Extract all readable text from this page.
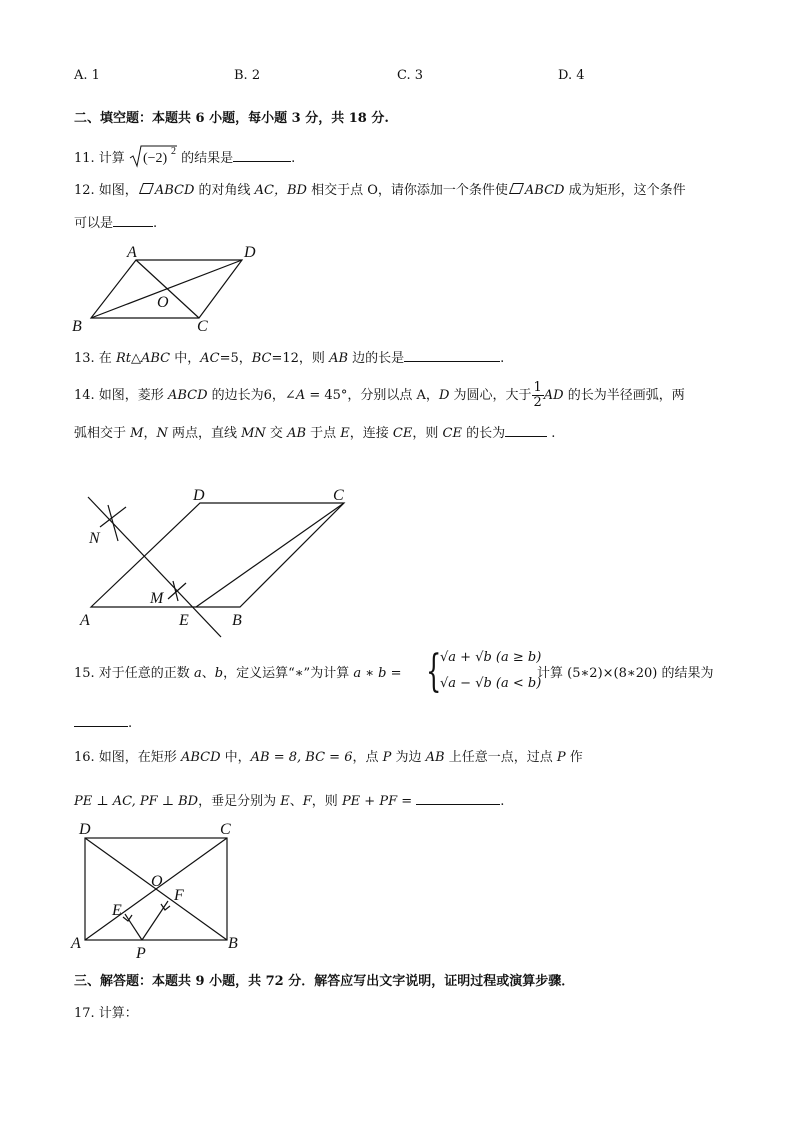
A. 1	B. 2	C. 3	D. 4
二、填空题：本题共 6 小题，每小题 3 分，共 18 分.
11. 计算 (−2) 2 的结果是	.
12. 如图， ABCD 的对角线 AC，BD 相交于点 O，请你添加一个条件使 ABCD 成为矩形，这个条件
可以是	.
A	D
B	C
O
13. 在 Rt△ABC 中，AC=5，BC=12，则 AB 边的长是	.
14. 如图，菱形 ABCD 的边长为6，∠A = 45°，分别以点 A，D 为圆心，大于 $\frac{1}{2}$ AD 的长为半径画弧，两
弧相交于 M，N 两点，直线 MN 交 AB 于点 E，连接 CE，则 CE 的长为	.
D	C
N
M
A	E	B
15. 对于任意的正数 a、b，定义运算“∗”为计算 a ∗ b = {
√a + √b (a ≥ b)
√a − √b (a < b)
计算 (5∗2)×(8∗20) 的结果为
.
16. 如图，在矩形 ABCD 中，AB = 8, BC = 6，点 P 为边 AB 上任意一点，过点 P 作
PE ⊥ AC, PF ⊥ BD，垂足分别为 E、F，则 PE + PF =	.
D	C
O
E
F
A	B
P
三、解答题：本题共 9 小题，共 72 分．解答应写出文字说明，证明过程或演算步骤．
17. 计算：
